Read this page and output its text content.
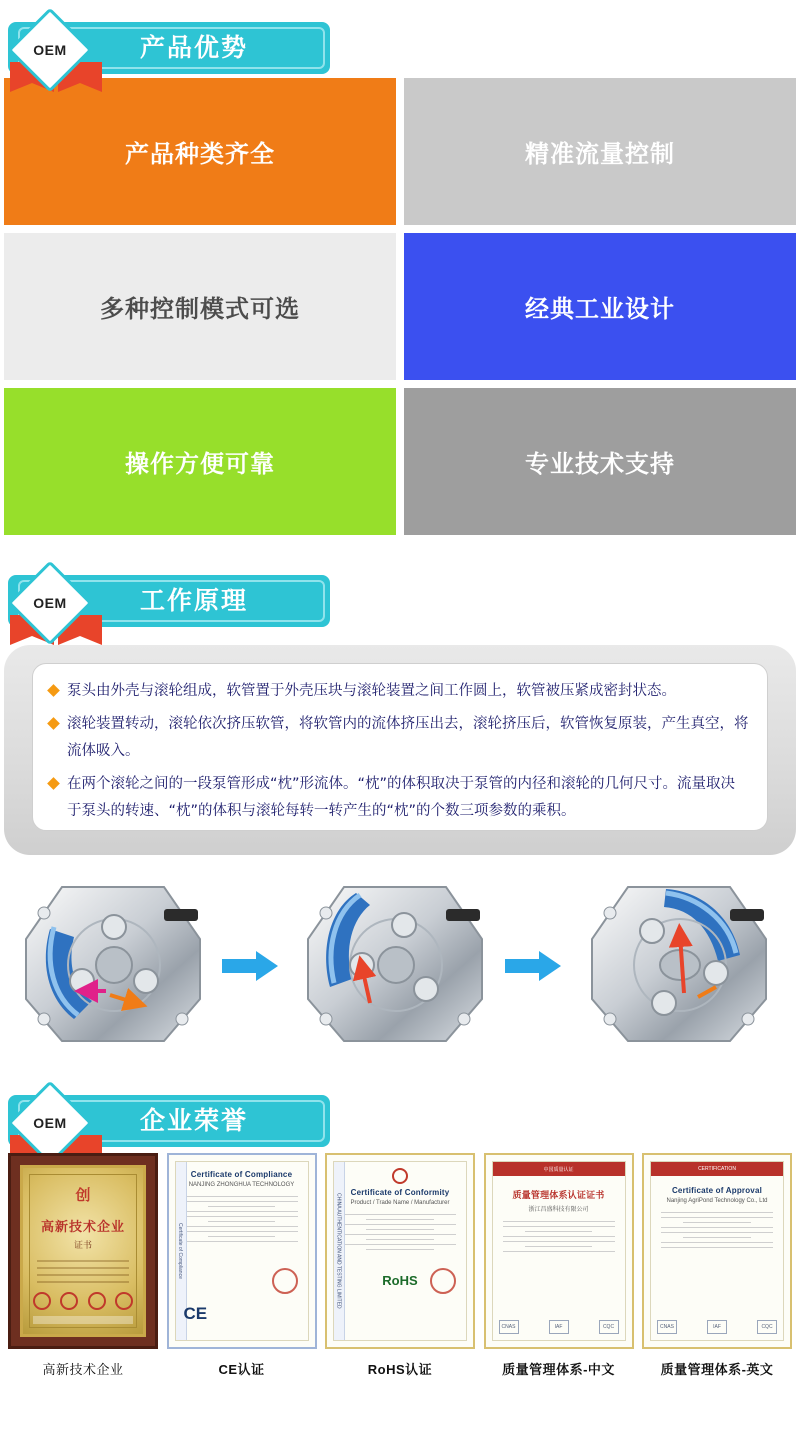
产品优势
OEM
产品种类齐全	精准流量控制
多种控制模式可选	经典工业设计
操作方便可靠	专业技术支持
工作原理
OEM
泵头由外壳与滚轮组成，软管置于外壳压块与滚轮装置之间工作圆上，软管被压紧成密封状态。
滚轮装置转动，滚轮依次挤压软管，将软管内的流体挤压出去，滚轮挤压后，软管恢复原装，产生真空，将流体吸入。
在两个滚轮之间的一段泵管形成“枕”形流体。“枕”的体积取决于泵管的内径和滚轮的几何尺寸。流量取决于泵头的转速、“枕”的体积与滚轮每转一转产生的“枕”的个数三项参数的乘积。
企业荣誉
OEM
创
高新技术企业
证书
高新技术企业
Certificate of Compliance
Certificate of Compliance
NANJING ZHONGHUA TECHNOLOGY
CE
CE认证
CHINA AUTHENTICATION AND TESTING LIMITED
Certificate of Conformity
Product / Trade Name / Manufacturer
RoHS
RoHS认证
中国质量认证
质量管理体系认证证书
浙江昌盛科技有限公司
CNAS	IAF	CQC
质量管理体系-中文
CERTIFICATION
Certificate of Approval
Nanjing AgriPond Technology Co., Ltd
CNAS	IAF	CQC
质量管理体系-英文
